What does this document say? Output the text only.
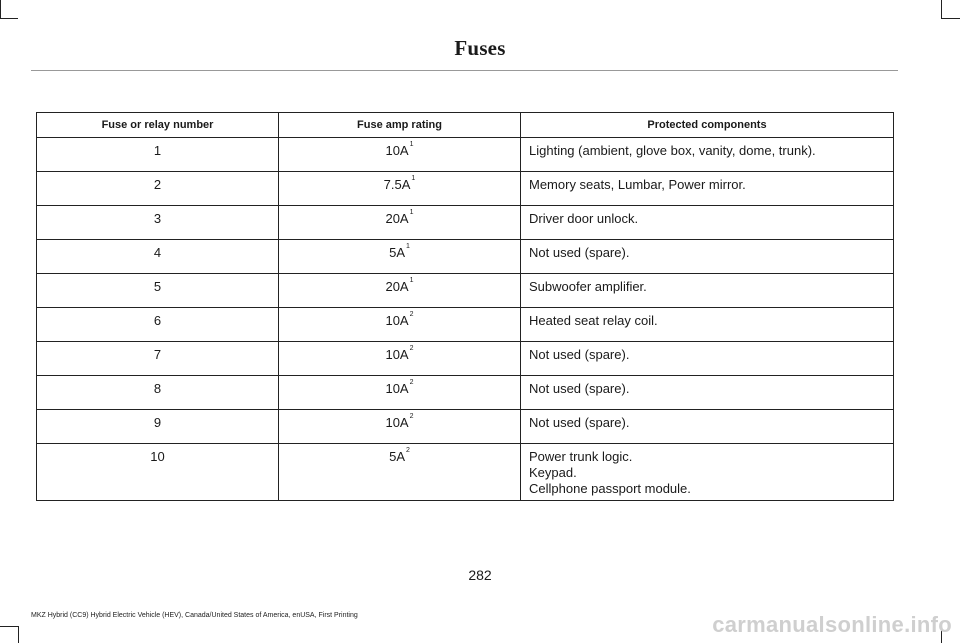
Fuses
Fuse or relay number	Fuse amp rating	Protected components
1	$10A^1$	Lighting (ambient, glove box, vanity, dome, trunk).

2	$7.5A^1$	Memory seats, Lumbar, Power mirror.

3	$20A^1$	Driver door unlock.

4	$5A^1$	Not used (spare).

5	$20A^1$	Subwoofer amplifier.

6	$10A^2$	Heated seat relay coil.

7	$10A^2$	Not used (spare).

8	$10A^2$	Not used (spare).

9	$10A^2$	Not used (spare).

10	$5A^2$	Power trunk logic.
Keypad.
Cellphone passport module.
282
MKZ Hybrid (CC9) Hybrid Electric Vehicle (HEV), Canada/United States of America, enUSA, First Printing	carmanualsonline.info
